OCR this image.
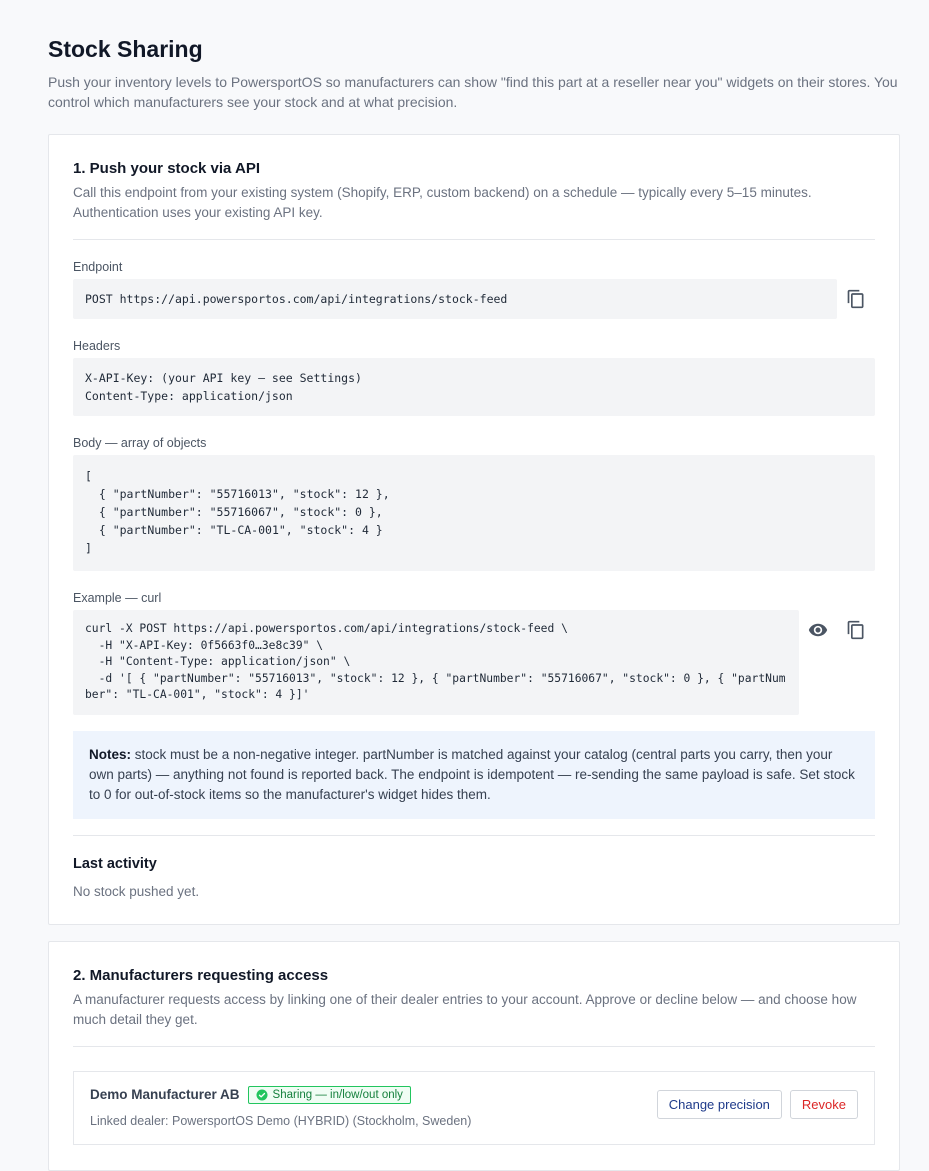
Stock Sharing

Push your inventory levels to PowersportOS so manufacturers can show "find this part at a reseller near you" widgets on their stores. You control which manufacturers see your stock and at what precision.

1. Push your stock via API
Call this endpoint from your existing system (Shopify, ERP, custom backend) on a schedule — typically every 5–15 minutes. Authentication uses your existing API key.
Endpoint
POST https://api.powersportos.com/api/integrations/stock-feed
Headers
X-API-Key: (your API key — see Settings)
Content-Type: application/json
Body — array of objects
[
{ "partNumber": "55716013", "stock": 12 },
{ "partNumber": "55716067", "stock": 0 },
{ "partNumber": "TL-CA-001", "stock": 4 }
]
Example — curl
curl -X POST https://api.powersportos.com/api/integrations/stock-feed \
-H "X-API-Key: 0f5663f0…3e8c39" \
-H "Content-Type: application/json" \
-d '[ { "partNumber": "55716013", "stock": 12 }, { "partNumber": "55716067", "stock": 0 }, { "partNumber": "TL-CA-001", "stock": 4 }]'
Notes: stock must be a non-negative integer. partNumber is matched against your catalog (central parts you carry, then your own parts) — anything not found is reported back. The endpoint is idempotent — re-sending the same payload is safe. Set stock to 0 for out-of-stock items so the manufacturer's widget hides them.
Last activity
No stock pushed yet.
2. Manufacturers requesting access
A manufacturer requests access by linking one of their dealer entries to your account. Approve or decline below — and choose how much detail they get.
Demo Manufacturer AB	Sharing — in/low/out only
Linked dealer: PowersportOS Demo (HYBRID) (Stockholm, Sweden)
Change precision	Revoke
